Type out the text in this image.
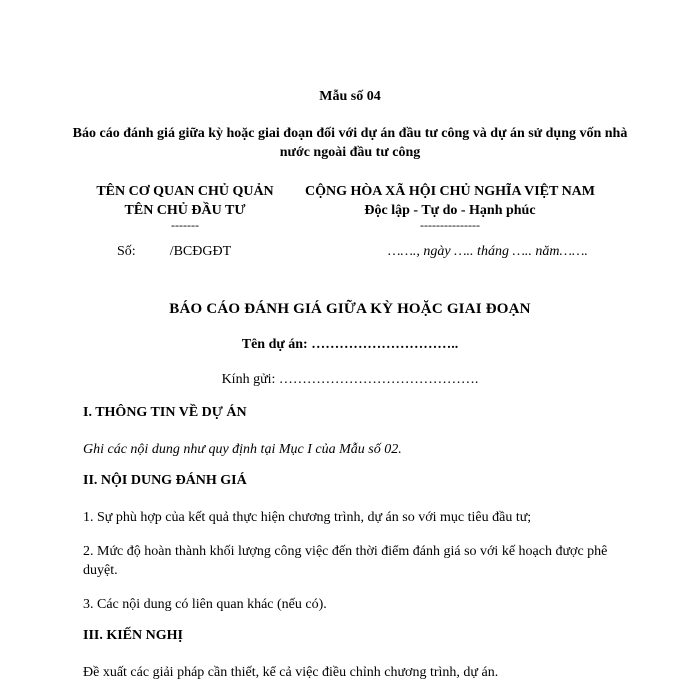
Mẫu số 04
Báo cáo đánh giá giữa kỳ hoặc giai đoạn đối với dự án đầu tư công và dự án sử dụng vốn nhà nước ngoài đầu tư công
TÊN CƠ QUAN CHỦ QUẢN
TÊN CHỦ ĐẦU TƯ
-------
CỘNG HÒA XÃ HỘI CHỦ NGHĨA VIỆT NAM
Độc lập - Tự do - Hạnh phúc
---------------
Số: /BCĐGĐT	……., ngày ….. tháng ….. năm…….
BÁO CÁO ĐÁNH GIÁ GIỮA KỲ HOẶC GIAI ĐOẠN
Tên dự án: …………………………..
Kính gửi: …………………………………….
I. THÔNG TIN VỀ DỰ ÁN
Ghi các nội dung như quy định tại Mục I của Mẫu số 02.
II. NỘI DUNG ĐÁNH GIÁ
1. Sự phù hợp của kết quả thực hiện chương trình, dự án so với mục tiêu đầu tư;
2. Mức độ hoàn thành khối lượng công việc đến thời điểm đánh giá so với kế hoạch được phê duyệt.
3. Các nội dung có liên quan khác (nếu có).
III. KIẾN NGHỊ
Đề xuất các giải pháp cần thiết, kể cả việc điều chỉnh chương trình, dự án.
